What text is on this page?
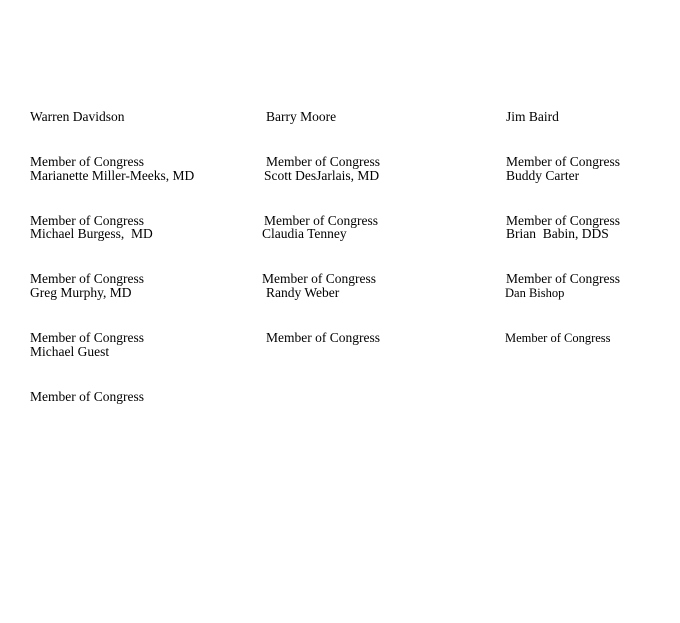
Warren Davidson

Member of Congress

Barry Moore

Member of Congress

Jim Baird

Member of Congress

Marianette Miller-Meeks, MD

Member of Congress

Scott DesJarlais, MD

Member of Congress

Buddy Carter

Member of Congress

Michael Burgess,  MD

Member of Congress

Claudia Tenney

Member of Congress

Brian  Babin, DDS

Member of Congress

Greg Murphy, MD

Member of Congress

Randy Weber

Member of Congress

Dan Bishop

Member of Congress

Michael Guest

Member of Congress
